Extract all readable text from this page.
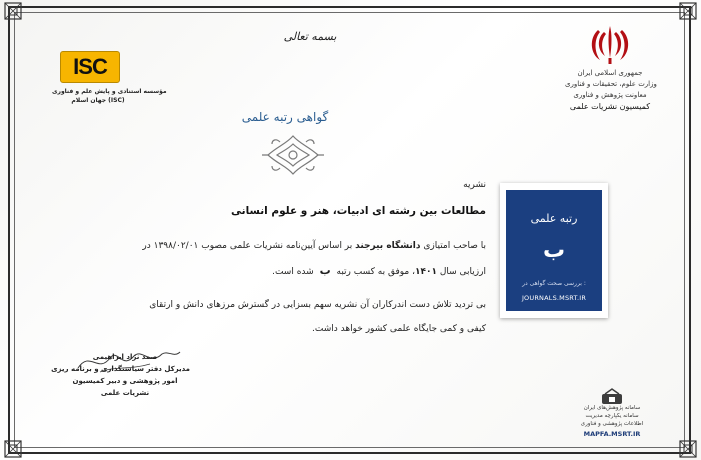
بسمه تعالی
جمهوری اسلامی ایران
وزارت علوم، تحقیقات و فناوری
معاونت پژوهش و فناوری
کمیسیون نشریات علمی
ISC
مؤسسه استنادی و پایش علم و فناوری
جهان اسلام (ISC)
گواهی رتبه علمی
نشریه
مطالعات بین رشته ای ادبیات، هنر و علوم انسانی
با صاحب امتیازی دانشگاه بیرجند بر اساس آیین‌نامه نشریات علمی مصوب ۱۳۹۸/۰۲/۰۱ در
ارزیابی سال ۱۴۰۱، موفق به کسب رتبه ب شده است.
بی تردید تلاش دست اندرکاران آن نشریه سهم بسزایی در گسترش مرزهای دانش و ارتقای
کیفی و کمی جایگاه علمی کشور خواهد داشت.
رتبه علمی
ب
بررسی صحت گواهی در :
JOURNALS.MSRT.IR
صمد نژاد ابراهیمی
مدیرکل دفتر سیاستگذاری و برنامه ریزی
امور پژوهشی و دبیر کمیسیون
نشریات علمی
سامانه پژوهش‌های ایران
سامانه یکپارچه مدیریت
اطلاعات پژوهشی و فناوری
MAPFA.MSRT.IR
